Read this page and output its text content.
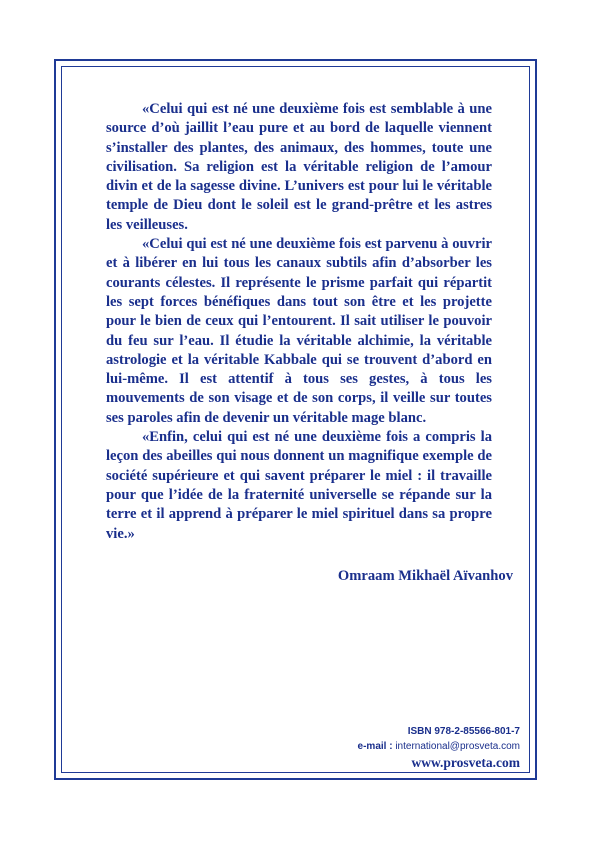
«Celui qui est né une deuxième fois est semblable à une source d’où jaillit l’eau pure et au bord de laquelle viennent s’installer des plantes, des animaux, des hommes, toute une civilisation. Sa religion est la véritable religion de l’amour divin et de la sagesse divine. L’univers est pour lui le véritable temple de Dieu dont le soleil est le grand-prêtre et les astres les veilleuses.

«Celui qui est né une deuxième fois est parvenu à ouvrir et à libérer en lui tous les canaux subtils afin d’absorber les courants célestes. Il représente le prisme parfait qui répartit les sept forces bénéfiques dans tout son être et les projette pour le bien de ceux qui l’entourent. Il sait utiliser le pouvoir du feu sur l’eau. Il étudie la véritable alchimie, la véritable astrologie et la véritable Kabbale qui se trouvent d’abord en lui-même. Il est attentif à tous ses gestes, à tous les mouvements de son visage et de son corps, il veille sur toutes ses paroles afin de devenir un véritable mage blanc.

«Enfin, celui qui est né une deuxième fois a compris la leçon des abeilles qui nous donnent un magnifique exemple de société supérieure et qui savent préparer le miel : il travaille pour que l’idée de la fraternité universelle se répande sur la terre et il apprend à préparer le miel spirituel dans sa propre vie.»

Omraam Mikhaël Aïvanhov
ISBN 978-2-85566-801-7
e-mail : international@prosveta.com
www.prosveta.com
